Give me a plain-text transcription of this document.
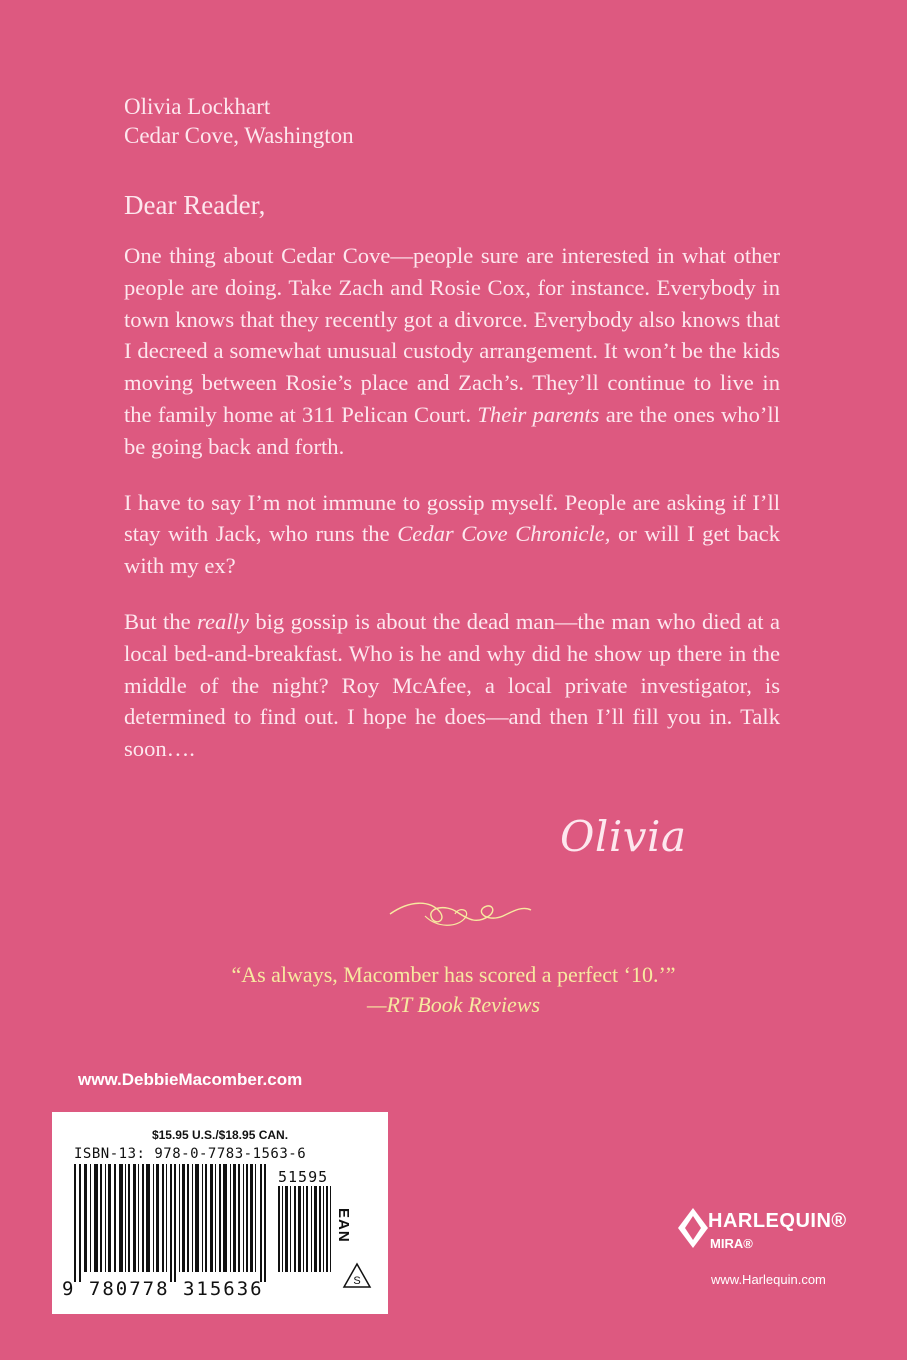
Olivia Lockhart
Cedar Cove, Washington
Dear Reader,

One thing about Cedar Cove—people sure are interested in what other people are doing. Take Zach and Rosie Cox, for instance. Everybody in town knows that they recently got a divorce. Everybody also knows that I decreed a somewhat unusual custody arrangement. It won’t be the kids moving between Rosie’s place and Zach’s. They’ll continue to live in the family home at 311 Pelican Court. Their parents are the ones who’ll be going back and forth.

I have to say I’m not immune to gossip myself. People are asking if I’ll stay with Jack, who runs the Cedar Cove Chronicle, or will I get back with my ex?

But the really big gossip is about the dead man—the man who died at a local bed-and-breakfast. Who is he and why did he show up there in the middle of the night? Roy McAfee, a local private investigator, is determined to find out. I hope he does—and then I’ll fill you in. Talk soon….

Olivia
“As always, Macomber has scored a perfect ‘10.’”
—RT Book Reviews
www.DebbieMacomber.com
$15.95 U.S./$18.95 CAN.
ISBN-13: 978-0-7783-1563-6
51595
9 780778 315636
EAN
S
HARLEQUIN®
MIRA®
www.Harlequin.com
